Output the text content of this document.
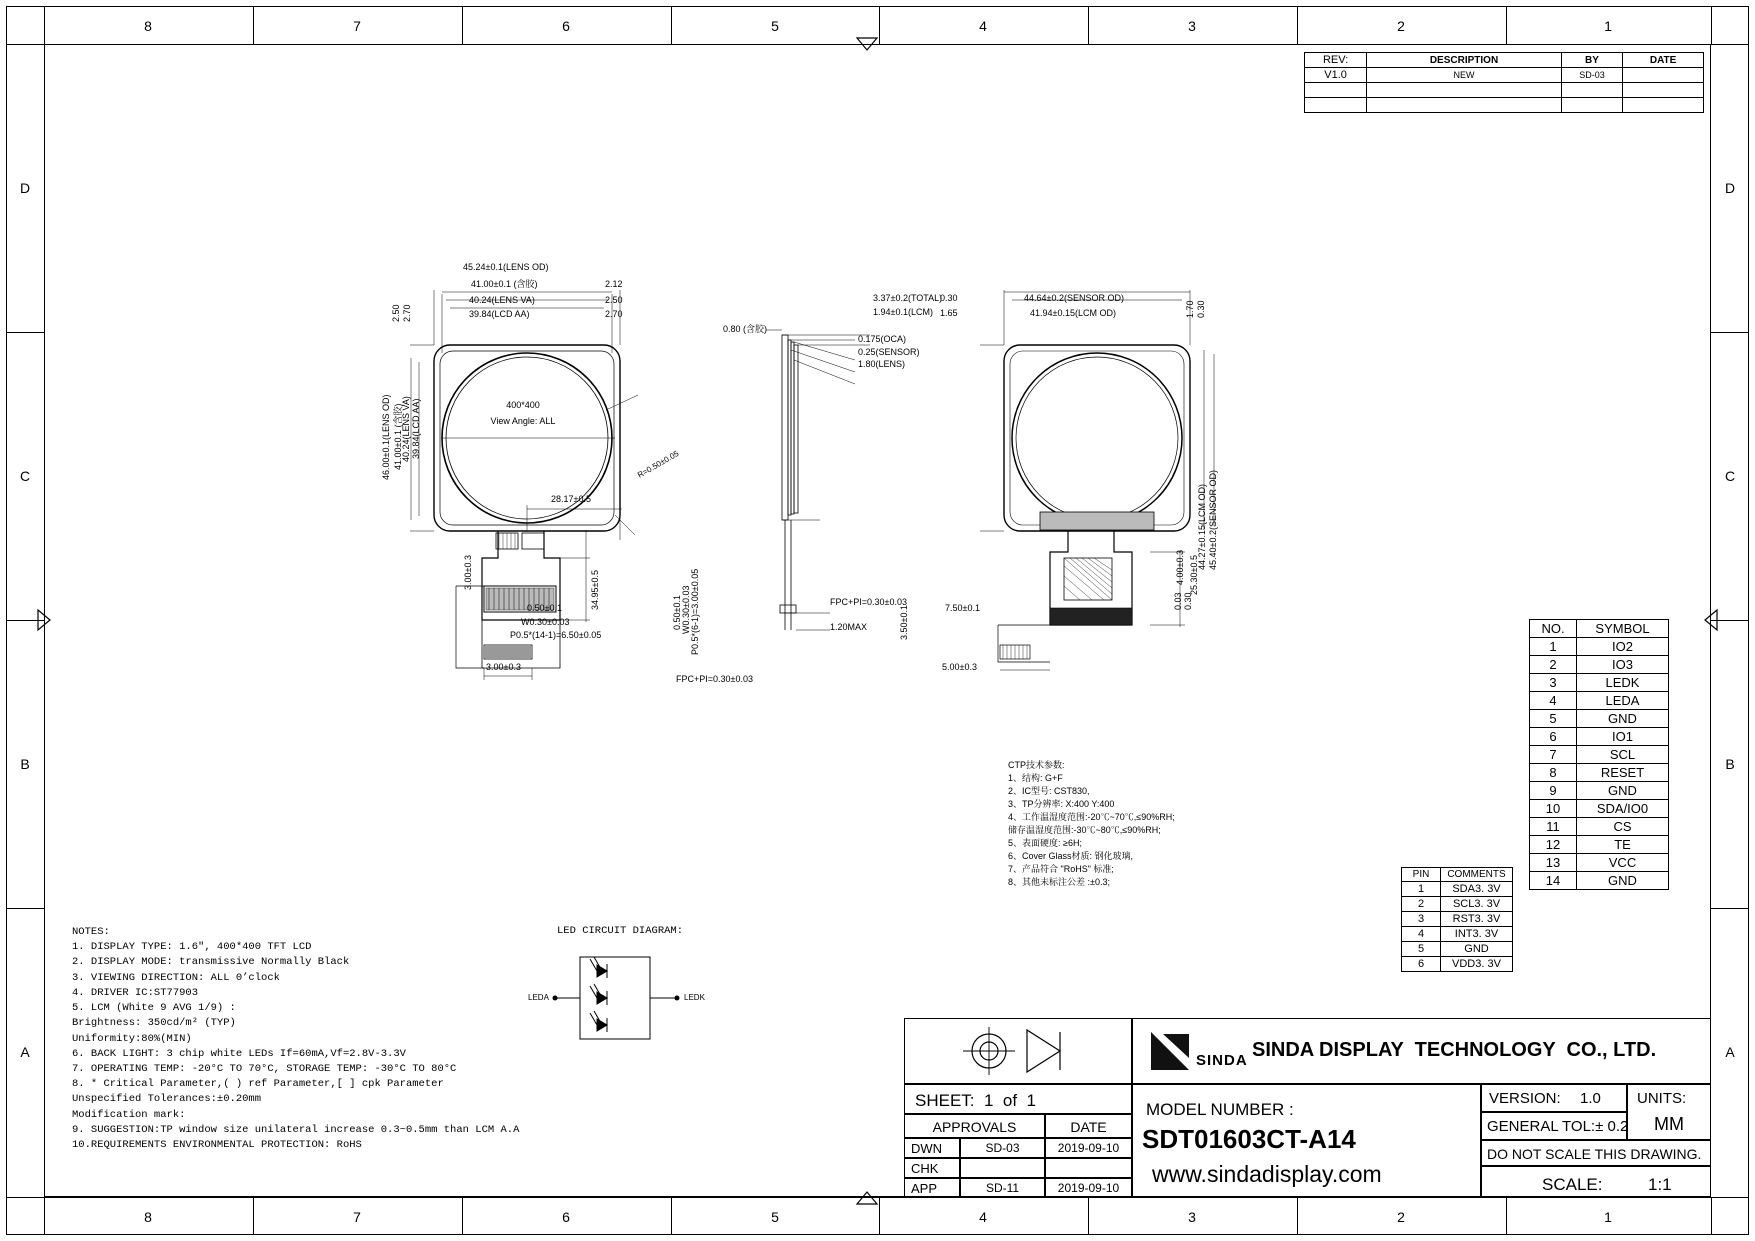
8	7	6	5	4	3	2	1
8	7	6	5	4	3	2	1
D
C
B
A
D
C
B
A
REV:	DESCRIPTION	BY	DATE
V1.0	NEW	SD-03	

45.24±0.1(LENS OD)
41.00±0.1 (含胶)
40.24(LENS VA)
39.84(LCD AA)
2.12
2.50
2.70
2.50 2.70
46.00±0.1(LENS OD) 41.00±0.1 (含胶)
40.24(LENS VA) 39.84(LCD AA)	400*400
View Angle: ALL
28.17±0.5
34.95±0.5
3.00±0.3
0.50±0.1
W0.30±0.03
P0.5*(14-1)=6.50±0.05
0.50±0.1 W0.30±0.03 P0.5*(6-1)=3.00±0.05
3.00±0.3
FPC+PI=0.30±0.03
R=0.50±0.05
3.37±0.2(TOTAL)
1.94±0.1(LCM)
0.80 (含胶)
0.175(OCA)
0.25(SENSOR)
1.80(LENS)
FPC+PI=0.30±0.03
1.20MAX
0.30
1.65
44.64±0.2(SENSOR OD)
41.94±0.15(LCM OD)	1.70 0.30
44.27±0.15(LCM OD) 45.40±0.2(SENSOR OD)
0.03 0.30
4.00±0.3 25.30±0.5
7.50±0.1
3.50±0.1
5.00±0.3
CTP技术参数:
1、结构: G+F
2、IC型号: CST830,
3、TP分辨率: X:400 Y:400
4、工作温湿度范围:-20℃~70℃,≤90%RH;
储存温湿度范围:-30℃~80℃,≤90%RH;
5、表面硬度: ≥6H;
6、Cover Glass材质: 钢化玻璃,
7、产品符合 "RoHS" 标准;
8、其他未标注公差 :±0.3;
PIN	COMMENTS
1	SDA3. 3V
2	SCL3. 3V
3	RST3. 3V
4	INT3. 3V
5	GND
6	VDD3. 3V
NO.	SYMBOL
1	IO2
2	IO3
3	LEDK
4	LEDA
5	GND
6	IO1
7	SCL
8	RESET
9	GND
10	SDA/IO0
11	CS
12	TE
13	VCC
14	GND
NOTES:
1. DISPLAY TYPE: 1.6″, 400*400 TFT LCD
2. DISPLAY MODE: transmissive Normally Black
3. VIEWING DIRECTION: ALL 0’clock
4. DRIVER IC:ST77903
5. LCM (White 9 AVG 1/9) :
Brightness: 350cd/m² (TYP)
Uniformity:80%(MIN)
6. BACK LIGHT: 3 chip white LEDs If=60mA,Vf=2.8V-3.3V
7. OPERATING TEMP: -20°C TO 70°C, STORAGE TEMP: -30°C TO 80°C
8. * Critical Parameter,( ) ref Parameter,[ ] cpk Parameter
Unspecified Tolerances:±0.20mm
Modification mark:
9. SUGGESTION:TP window size unilateral increase 0.3~0.5mm than LCM A.A
10.REQUIREMENTS ENVIRONMENTAL PROTECTION: RoHS
LED CIRCUIT DIAGRAM:
LEDA	LEDK
SHEET:  1  of  1
APPROVALS	DATE
DWN	SD-03	2019-09-10
CHK
APP	SD-11	2019-09-10
SINDA SINDA DISPLAY  TECHNOLOGY  CO., LTD.
MODEL NUMBER :
SDT01603CT-A14
www.sindadisplay.com
VERSION: 1.0 UNITS:
MM
GENERAL TOL:± 0.2
DO NOT SCALE THIS DRAWING.
SCALE:	1:1
